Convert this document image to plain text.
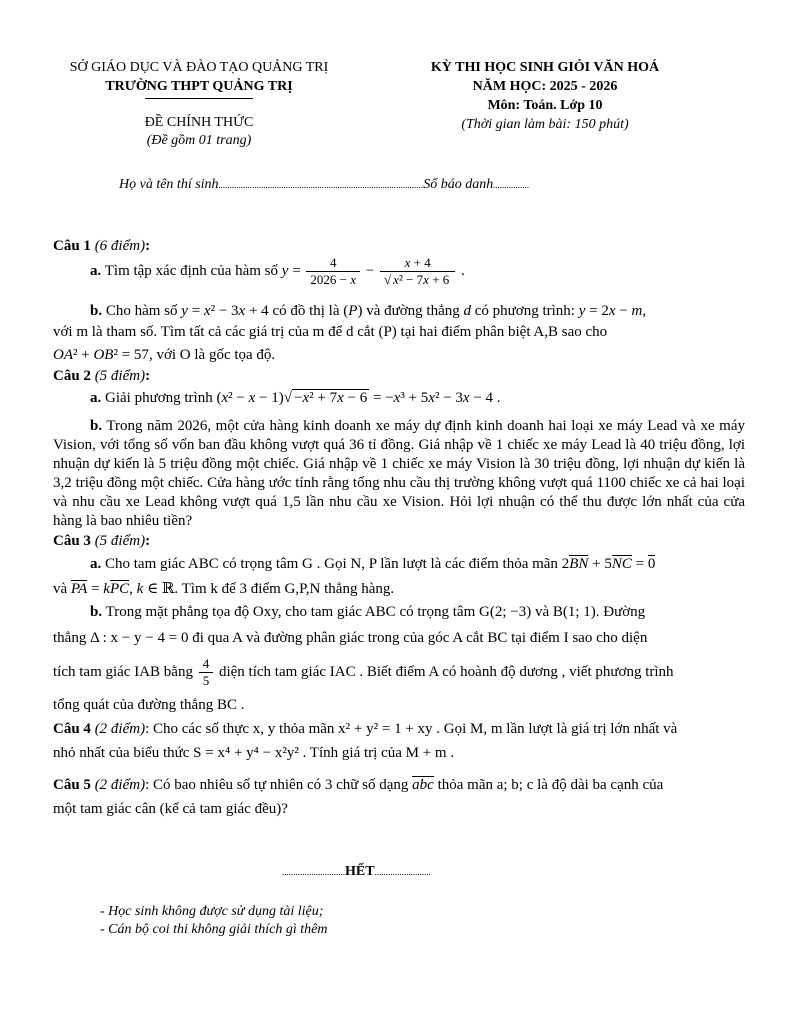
SỞ GIÁO DỤC VÀ ĐÀO TẠO QUẢNG TRỊ
TRƯỜNG THPT QUẢNG TRỊ
ĐỀ CHÍNH THỨC
(Đề gồm 01 trang)
KỲ THI HỌC SINH GIỎI VĂN HOÁ
NĂM HỌC: 2025 - 2026
Môn: Toán. Lớp 10
(Thời gian làm bài: 150 phút)
Họ và tên thí sinh...........................................................................................Số báo danh................
Câu 1 (6 điểm):
a. Tìm tập xác định của hàm số $y = \frac{4}{2026 - x} - \frac{x + 4}{\text{√ x² − 7x + 6}}$ .
b. Cho hàm số y = x² − 3x + 4 có đồ thị là (P) và đường thẳng d có phương trình: y = 2x − m,
với m là tham số. Tìm tất cả các giá trị của m để d cắt (P) tại hai điểm phân biệt A,B sao cho
OA² + OB² = 57, với O là gốc tọa độ.
Câu 2 (5 điểm):
a. Giải phương trình (x² − x − 1)√ −x² + 7x − 6 = −x³ + 5x² − 3x − 4 .

b. Trong năm 2026, một cửa hàng kinh doanh xe máy dự định kinh doanh hai loại xe máy Lead và xe máy Vision, với tổng số vốn ban đầu không vượt quá 36 tỉ đồng. Giá nhập về 1 chiếc xe máy Lead là 40 triệu đồng, lợi nhuận dự kiến là 5 triệu đồng một chiếc. Giá nhập về 1 chiếc xe máy Vision là 30 triệu đồng, lợi nhuận dự kiến là 3,2 triệu đồng một chiếc. Cửa hàng ước tính rằng tổng nhu cầu thị trường không vượt quá 1100 chiếc xe cả hai loại và nhu cầu xe Lead không vượt quá 1,5 lần nhu cầu xe Vision. Hỏi lợi nhuận có thể thu được lớn nhất của cửa hàng là bao nhiêu tiền?

Câu 3 (5 điểm):
a. Cho tam giác ABC có trọng tâm G . Gọi N, P lần lượt là các điểm thỏa mãn 2BN + 5NC = 0
và PA = kPC, k ∈ ℝ. Tìm k để 3 điểm G,P,N thẳng hàng.
b. Trong mặt phẳng tọa độ Oxy, cho tam giác ABC có trọng tâm G(2; −3) và B(1; 1). Đường
thẳng Δ : x − y − 4 = 0 đi qua A và đường phân giác trong của góc A cắt BC tại điểm I sao cho diện
tích tam giác IAB bằng $\frac{4}{5}$ diện tích tam giác IAC . Biết điểm A có hoành độ dương , viết phương trình
tổng quát của đường thẳng BC .
Câu 4 (2 điểm): Cho các số thực x, y thỏa mãn x² + y² = 1 + xy . Gọi M, m lần lượt là giá trị lớn nhất và
nhỏ nhất của biểu thức S = x⁴ + y⁴ − x²y² . Tính giá trị của M + m .
Câu 5 (2 điểm): Có bao nhiêu số tự nhiên có 3 chữ số dạng abc thỏa mãn a; b; c là độ dài ba cạnh của
một tam giác cân (kể cả tam giác đều)?
............................HẾT.........................
- Học sinh không được sử dụng tài liệu;
- Cán bộ coi thi không giải thích gì thêm
